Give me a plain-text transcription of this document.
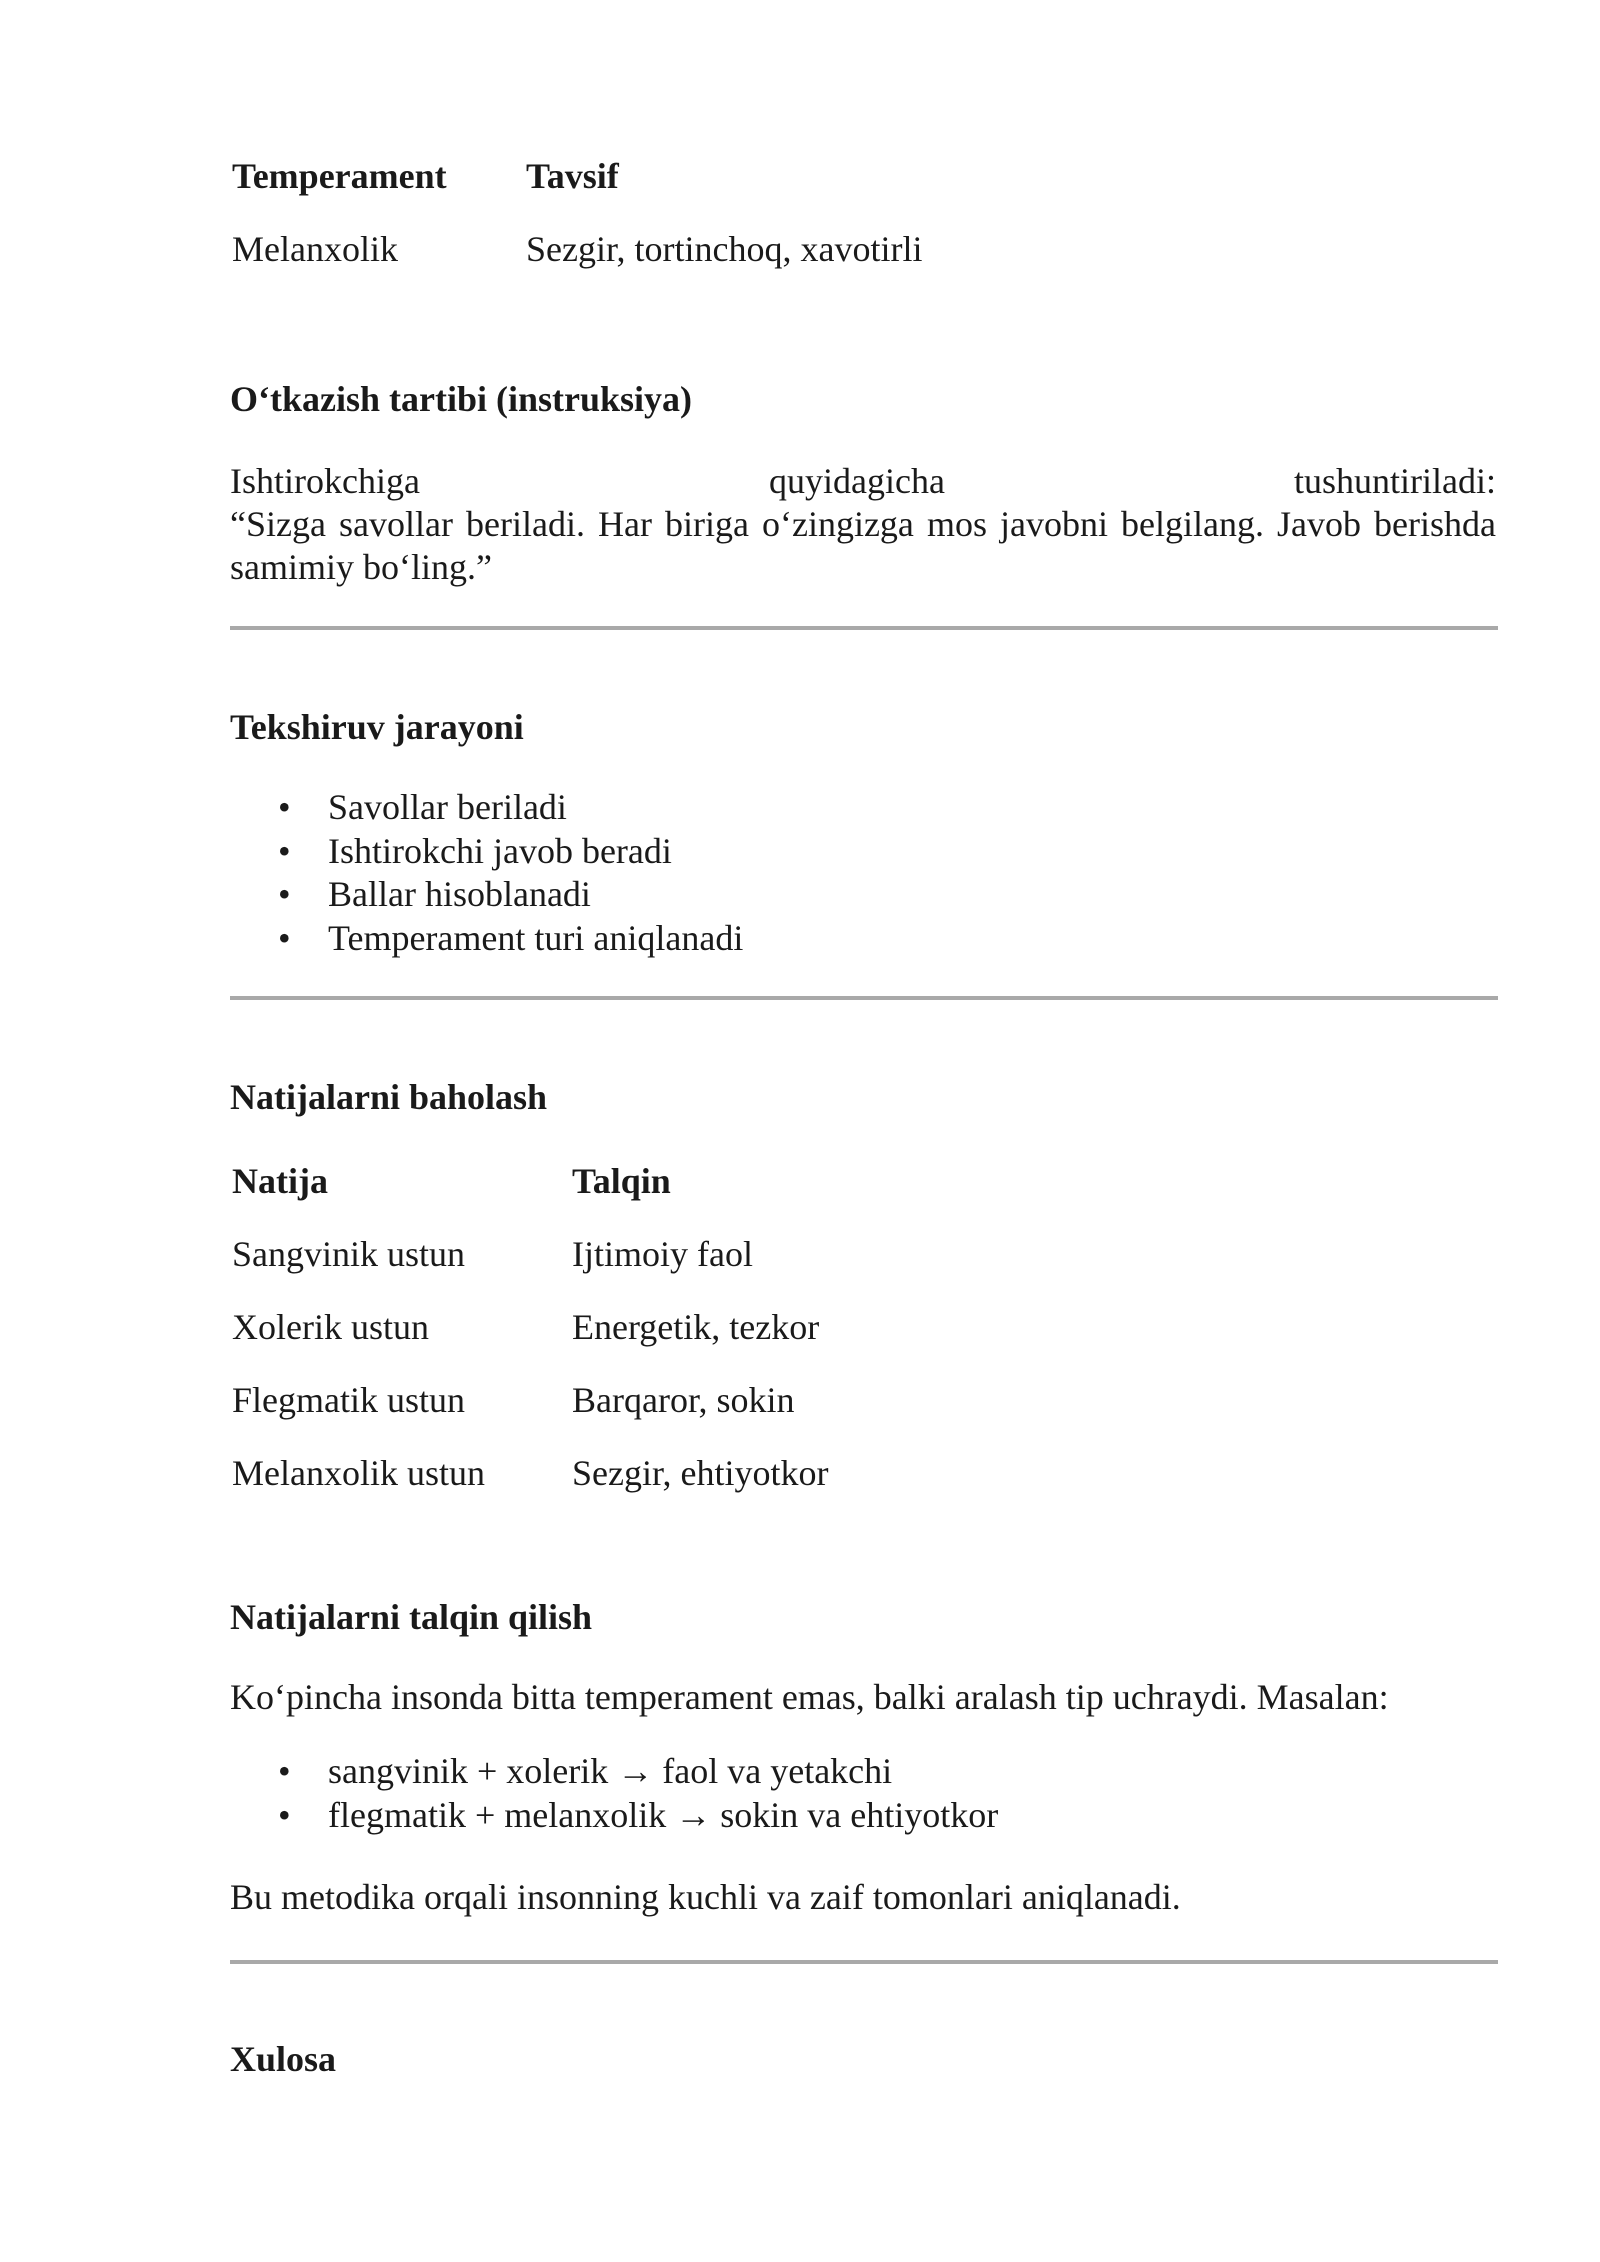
Temperament	Tavsif
Melanxolik	Sezgir, tortinchoq, xavotirli
O‘tkazish tartibi (instruksiya)
Ishtirokchiga	quyidagicha	tushuntiriladi:
“Sizga savollar beriladi. Har biriga o‘zingizga mos javobni belgilang. Javob berishda samimiy bo‘ling.”
Tekshiruv jarayoni
• Savollar beriladi
• Ishtirokchi javob beradi
• Ballar hisoblanadi
• Temperament turi aniqlanadi
Natijalarni baholash
Natija	Talqin
Sangvinik ustun	Ijtimoiy faol
Xolerik ustun	Energetik, tezkor
Flegmatik ustun	Barqaror, sokin
Melanxolik ustun	Sezgir, ehtiyotkor
Natijalarni talqin qilish

Ko‘pincha insonda bitta temperament emas, balki aralash tip uchraydi. Masalan:

• sangvinik + xolerik → faol va yetakchi
• flegmatik + melanxolik → sokin va ehtiyotkor

Bu metodika orqali insonning kuchli va zaif tomonlari aniqlanadi.

Xulosa
